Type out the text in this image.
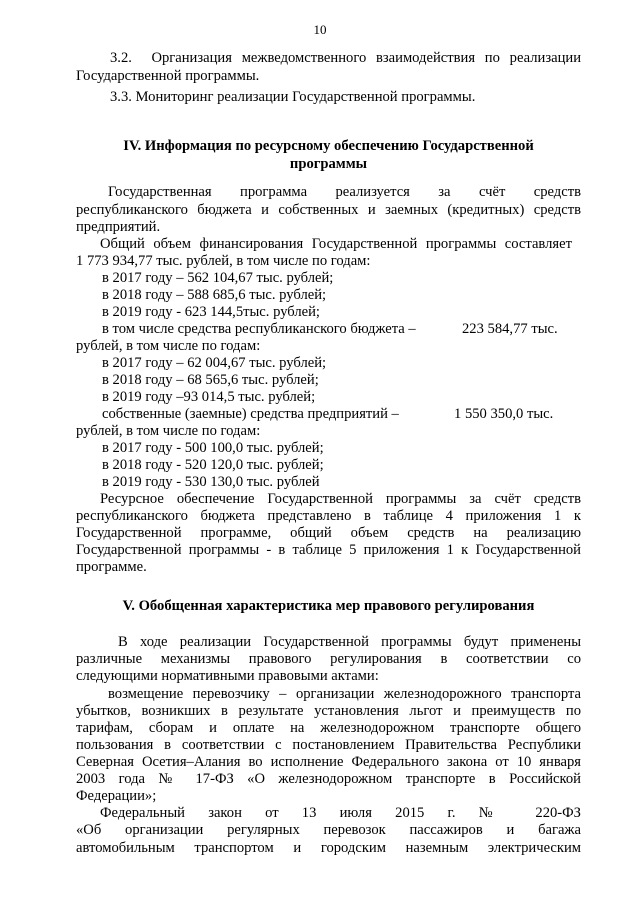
10
3.2. Организация межведомственного взаимодействия по реализации
Государственной программы.
3.3. Мониторинг реализации Государственной программы.
IV. Информация по ресурсному обеспечению Государственной
программы
Государственная программа реализуется за счёт средств
республиканского бюджета и собственных и заемных (кредитных) средств
предприятий.
Общий объем финансирования Государственной программы составляет
1 773 934,77 тыс. рублей, в том числе по годам:
в 2017 году – 562 104,67 тыс. рублей;
в 2018 году – 588 685,6 тыс. рублей;
в 2019 году - 623 144,5тыс. рублей;
в том числе средства республиканского бюджета –	223 584,77 тыс.
рублей, в том числе по годам:
в 2017 году – 62 004,67 тыс. рублей;
в 2018 году – 68 565,6 тыс. рублей;
в 2019 году –93 014,5 тыс. рублей;
собственные (заемные) средства предприятий –	1 550 350,0 тыс.
рублей, в том числе по годам:
в 2017 году - 500 100,0 тыс. рублей;
в 2018 году - 520 120,0 тыс. рублей;
в 2019 году - 530 130,0 тыс. рублей
Ресурсное обеспечение Государственной программы за счёт средств
республиканского бюджета представлено в таблице 4 приложения 1 к
Государственной программе, общий объем средств на реализацию
Государственной программы - в таблице 5 приложения 1 к Государственной
программе.
V. Обобщенная характеристика мер правового регулирования
В ходе реализации Государственной программы будут применены
различные механизмы правового регулирования в соответствии со
следующими нормативными правовыми актами:
возмещение перевозчику – организации железнодорожного транспорта
убытков, возникших в результате установления льгот и преимуществ по
тарифам, сборам и оплате на железнодорожном транспорте общего
пользования в соответствии с постановлением Правительства Республики
Северная Осетия–Алания во исполнение Федерального закона от 10 января
2003 года № 17-ФЗ «О железнодорожном транспорте в Российской
Федерации»;
Федеральный закон от 13 июля 2015 г. № 220-ФЗ
«Об организации регулярных перевозок пассажиров и багажа
автомобильным транспортом и городским наземным электрическим
